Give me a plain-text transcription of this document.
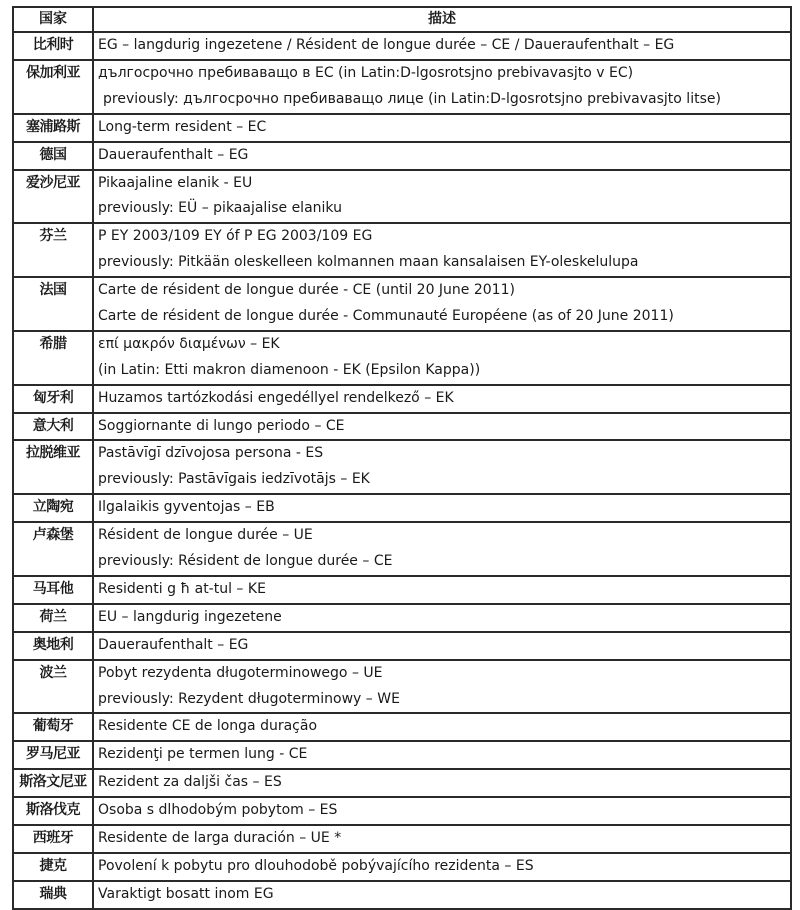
国家	描述
比利时	EG – langdurig ingezetene / Résident de longue durée – CE / Daueraufenthalt – EG

保加利亚	дългосрочно пребиваващо в ЕС (in Latin:D-lgosrotsjno prebivavasjto v EC)
previously: дългосрочно пребиваващо лице (in Latin:D-lgosrotsjno prebivavasjto litse)

塞浦路斯	Long-term resident – EC

德国	Daueraufenthalt – EG

爱沙尼亚	Pikaajaline elanik - EU
previously: EÜ – pikaajalise elaniku

芬兰	P EY 2003/109 EY óf P EG 2003/109 EG
previously: Pitkään oleskelleen kolmannen maan kansalaisen EY-oleskelulupa

法国	Carte de résident de longue durée - CE (until 20 June 2011)
Carte de résident de longue durée - Communauté Européene (as of 20 June 2011)

希腊	επί μακρόν διαμένων – ΕΚ
(in Latin: Etti makron diamenoon - EK (Epsilon Kappa))

匈牙利	Huzamos tartózkodási engedéllyel rendelkező – EK

意大利	Soggiornante di lungo periodo – CE

拉脱维亚	Pastāvīgī dzīvojosa persona - ES
previously: Pastāvīgais iedzīvotājs – EK

立陶宛	Ilgalaikis gyventojas – EB

卢森堡	Résident de longue durée – UE
previously: Résident de longue durée – CE

马耳他	Residenti g ħ at-tul – KE

荷兰	EU – langdurig ingezetene

奥地利	Daueraufenthalt – EG

波兰	Pobyt rezydenta długoterminowego – UE
previously: Rezydent długoterminowy – WE

葡萄牙	Residente CE de longa duração

罗马尼亚	Rezidenţi pe termen lung - CE

斯洛文尼亚	Rezident za daljši čas – ES

斯洛伐克	Osoba s dlhodobým pobytom – ES

西班牙	Residente de larga duración – UE *

捷克	Povolení k pobytu pro dlouhodobě pobývajícího rezidenta – ES

瑞典	Varaktigt bosatt inom EG
